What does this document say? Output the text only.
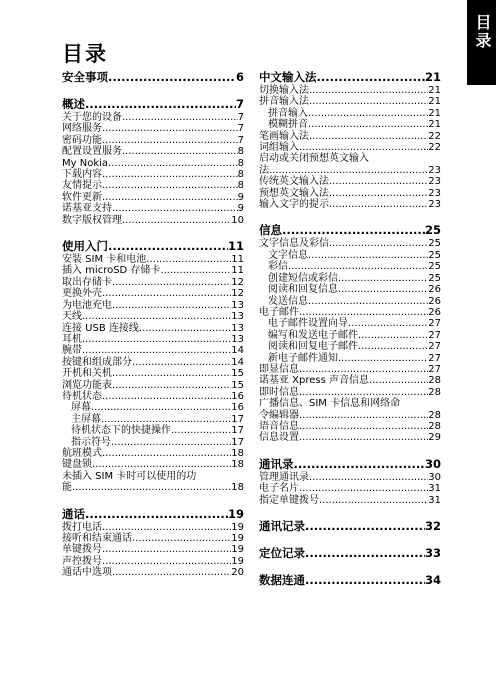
目录
目录
安全事项 .....	6
概述 .....	7
关于您的设备 .....	7
网络服务 .....	7
密码功能 .....	7
配置设置服务 .....	8
My Nokia .....	8
下载内容 .....	8
友情提示 .....	8
软件更新 .....	9
诺基亚支持 .....	9
数字版权管理 .....	10
使用入门 .....	11
安装 SIM 卡和电池 .....	11
插入 microSD 存储卡 .....	11
取出存储卡 .....	12
更换外壳 .....	12
为电池充电 .....	13
天线 .....	13
连接 USB 连接线 .....	13
耳机 .....	13
腕带 .....	14
按键和组成部分 .....	14
开机和关机 .....	15
浏览功能表 .....	15
待机状态 .....	16
屏幕 .....	16
主屏幕 .....	17
待机状态下的快捷操作 .....	17
指示符号 .....	17
航班模式 .....	18
键盘锁 .....	18
未插入 SIM 卡时可以使用的功
能 .....	18
通话 .....	19
拨打电话 .....	19
接听和结束通话 .....	19
单键拨号 .....	19
声控拨号 .....	19
通话中选项 .....	20
中文输入法 .....	21
切换输入法 .....	21
拼音输入法 .....	21
拼音输入 .....	21
模糊拼音 .....	21
笔画输入法 .....	22
词组输入 .....	22
启动或关闭预想英文输入
法 .....	23
传统英文输入法 .....	23
预想英文输入法 .....	23
输入文字的提示 .....	23
信息 .....	25
文字信息及彩信 .....	25
文字信息 .....	25
彩信 .....	25
创建短信或彩信 .....	25
阅读和回复信息 .....	26
发送信息 .....	26
电子邮件 .....	26
电子邮件设置向导 .....	27
编写和发送电子邮件 .....	27
阅读和回复电子邮件 .....	27
新电子邮件通知 .....	27
即显信息 .....	27
诺基亚 Xpress 声音信息 .....	28
即时信息 .....	28
广播信息、SIM 卡信息和网络命
令编辑器 .....	28
语音信息 .....	28
信息设置 .....	29
通讯录 .....	30
管理通讯录 .....	30
电子名片 .....	31
指定单键拨号 .....	31
通讯记录 .....	32
定位记录 .....	33
数据连通 .....	34
